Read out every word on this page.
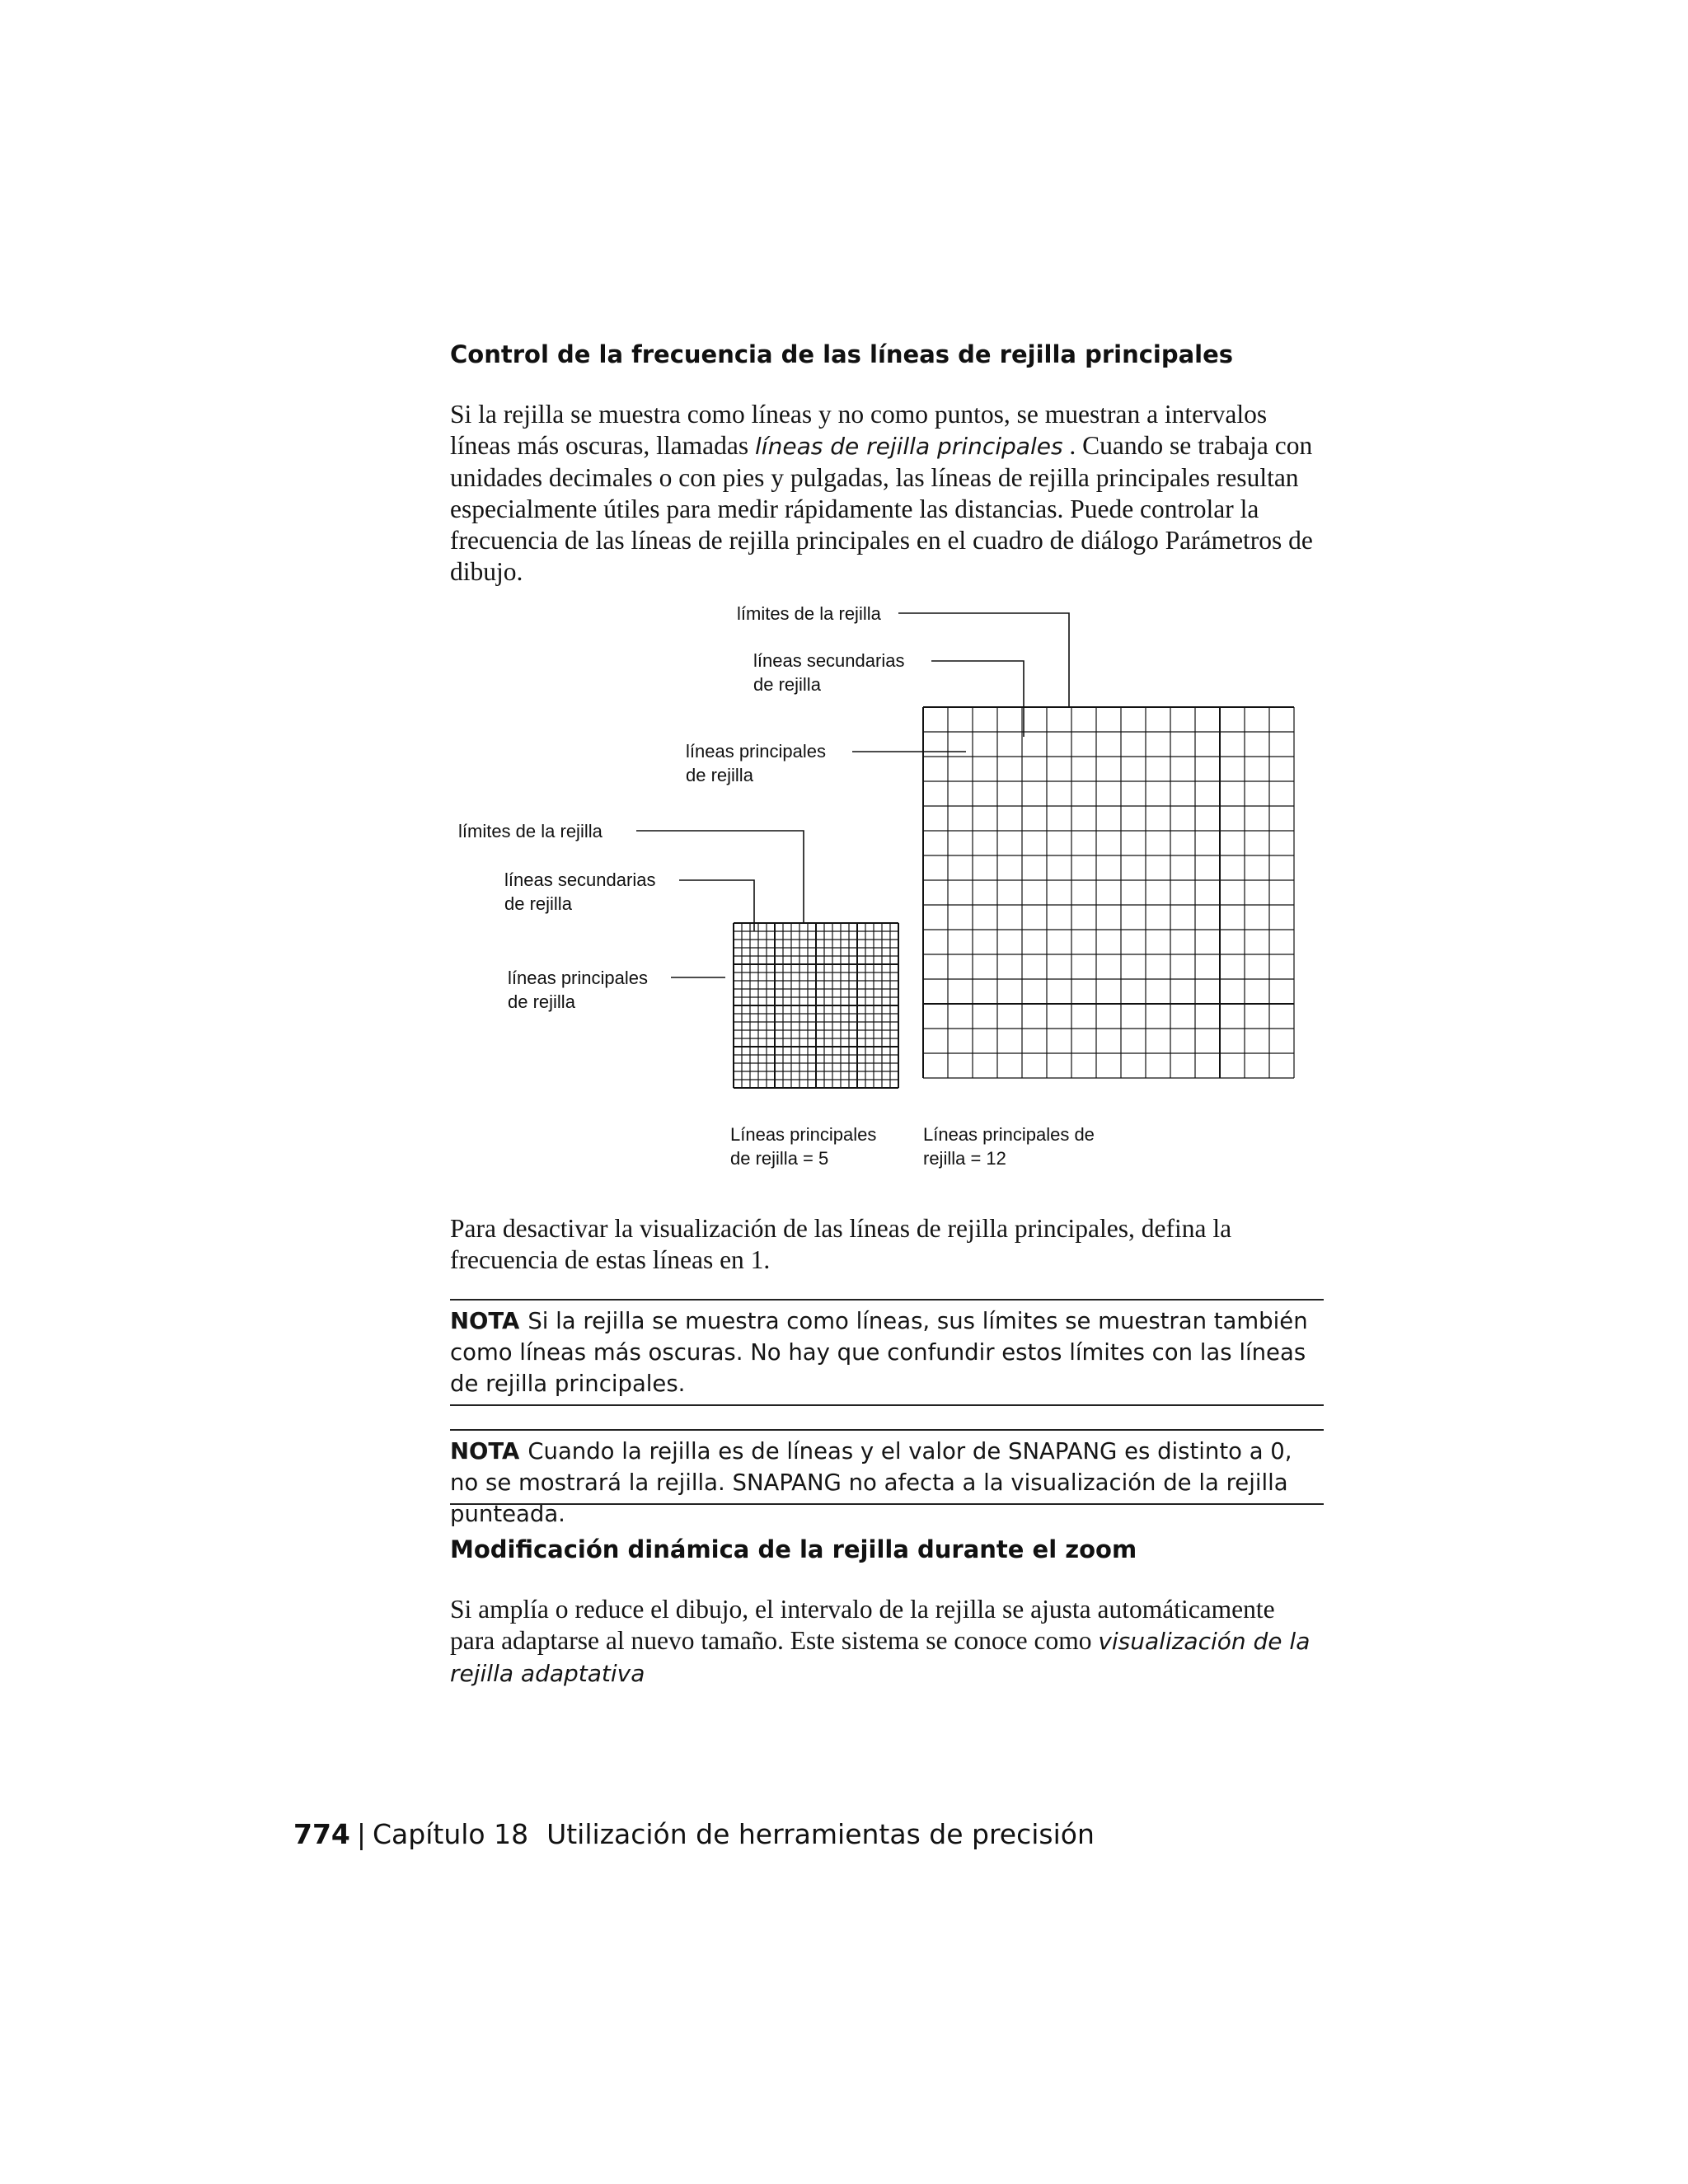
Control de la frecuencia de las líneas de rejilla principales

Si la rejilla se muestra como líneas y no como puntos, se muestran a intervalos líneas más oscuras, llamadas líneas de rejilla principales . Cuando se trabaja con unidades decimales o con pies y pulgadas, las líneas de rejilla principales resultan especialmente útiles para medir rápidamente las distancias. Puede controlar la frecuencia de las líneas de rejilla principales en el cuadro de diálogo Parámetros de dibujo.

límites de la rejilla
líneas secundarias
de rejilla
líneas principales
de rejilla
límites de la rejilla
líneas secundarias
de rejilla
líneas principales
de rejilla
Líneas principales
de rejilla = 5
Líneas principales de
rejilla = 12

Para desactivar la visualización de las líneas de rejilla principales, defina la frecuencia de estas líneas en 1.

NOTA Si la rejilla se muestra como líneas, sus límites se muestran también como líneas más oscuras. No hay que confundir estos límites con las líneas de rejilla principales.
NOTA Cuando la rejilla es de líneas y el valor de SNAPANG es distinto a 0, no se mostrará la rejilla. SNAPANG no afecta a la visualización de la rejilla punteada.
Modificación dinámica de la rejilla durante el zoom

Si amplía o reduce el dibujo, el intervalo de la rejilla se ajusta automáticamente para adaptarse al nuevo tamaño. Este sistema se conoce como visualización de la rejilla adaptativa

774 | Capítulo 18 Utilización de herramientas de precisión
